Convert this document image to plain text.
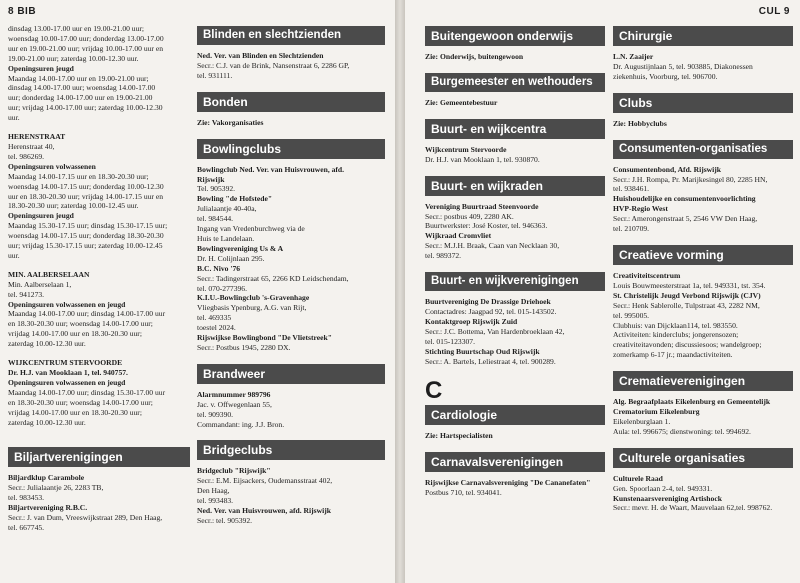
8 BIB

dinsdag 13.00-17.00 uur en 19.00-21.00 uur;

woensdag 10.00-17.00 uur; donderdag 13.00-17.00

uur en 19.00-21.00 uur; vrijdag 10.00-17.00 uur en

19.00-21.00 uur; zaterdag 10.00-12.30 uur.

Openingsuren jeugd

Maandag 14.00-17.00 uur en 19.00-21.00 uur;

dinsdag 14.00-17.00 uur; woensdag 14.00-17.00

uur; donderdag 14.00-17.00 uur en 19.00-21.00

uur; vrijdag 14.00-17.00 uur; zaterdag 10.00-12.30

uur.

HERENSTRAAT

Herenstraat 40,

tel. 986269.

Openingsuren volwassenen

Maandag 14.00-17.15 uur en 18.30-20.30 uur;

woensdag 14.00-17.15 uur; donderdag 10.00-12.30

uur en 18.30-20.30 uur; vrijdag 14.00-17.15 uur en

18.30-20.30 uur; zaterdag 10.00-12.45 uur.

Openingsuren jeugd

Maandag 15.30-17.15 uur; dinsdag 15.30-17.15 uur;

woensdag 14.00-17.15 uur; donderdag 18.30-20.30

uur; vrijdag 15.30-17.15 uur; zaterdag 10.00-12.45

uur.

MIN. AALBERSELAAN

Min. Aalberselaan 1,

tel. 941273.

Openingsuren volwassenen en jeugd

Maandag 14.00-17.00 uur; dinsdag 14.00-17.00 uur

en 18.30-20.30 uur; woensdag 14.00-17.00 uur;

vrijdag 14.00-17.00 uur en 18.30-20.30 uur;

zaterdag 10.00-12.30 uur.

WIJKCENTRUM STERVOORDE

Dr. H.J. van Mooklaan 1, tel. 940757.

Openingsuren volwassenen en jeugd

Maandag 14.00-17.00 uur; dinsdag 15.30-17.00 uur

en 18.30-20.30 uur; woensdag 14.00-17.00 uur;

vrijdag 14.00-17.00 uur en 18.30-20.30 uur;

zaterdag 10.00-12.30 uur.

Biljartverenigingen

Biljardklup Carambole

Secr.: Julialaantje 26, 2283 TB,

tel. 983453.

Biljartvereniging R.B.C.

Secr.: J. van Dum, Vreeswijkstraat 289, Den Haag,

tel. 667745.

Blinden en slechtzienden

Ned. Ver. van Blinden en Slechtzienden

Secr.: C.J. van de Brink, Nansenstraat 6, 2286 GP,

tel. 931111.

Bonden

Zie: Vakorganisaties

Bowlingclubs

Bowlingclub Ned. Ver. van Huisvrouwen, afd.

Rijswijk

Tel. 905392.

Bowling "de Hofstede"

Julialaantje 40-40a,

tel. 984544.

Ingang van Vredenburchweg via de

Huis te Landelaan.

Bowlingvereniging Us & A

Dr. H. Colijnlaan 295.

B.C. Nivo '76

Secr.: Tadingerstraat 65, 2266 KD Leidschendam,

tel. 070-277396.

K.I.U.-Bowlingclub 's-Gravenhage

Vliegbasis Ypenburg, A.G. van Rijt,

tel. 469335

toestel 2024.

Rijswijkse Bowlingbond "De Vlietstreek"

Secr.: Postbus 1945, 2280 DX.

Brandweer

Alarmnummer 989796

Jac. v. Offwegenlaan 55,

tel. 909390.

Commandant: ing. J.J. Bron.

Bridgeclubs

Bridgeclub "Rijswijk"

Secr.: E.M. Eijsackers, Oudemansstraat 402,

Den Haag,

tel. 993483.

Ned. Ver. van Huisvrouwen, afd. Rijswijk

Secr.: tel. 905392.

CUL 9
Buitengewoon onderwijs

Zie: Onderwijs, buitengewoon

Burgemeester en wethouders

Zie: Gemeentebestuur

Buurt- en wijkcentra

Wijkcentrum Stervoorde

Dr. H.J. van Mooklaan 1, tel. 930870.

Buurt- en wijkraden

Vereniging Buurtraad Steenvoorde

Secr.: postbus 409, 2280 AK.

Buurtwerkster: José Koster, tel. 946363.

Wijkraad Cromvliet

Secr.: M.J.H. Braak, Caan van Necklaan 30,

tel. 989372.

Buurt- en wijkverenigingen

Buurtvereniging De Drassige Driehoek

Contactadres: Jaagpad 92, tel. 015-143502.

Kontaktgroep Rijswijk Zuid

Secr.: J.C. Bottema, Van Hardenbroeklaan 42,

tel. 015-123307.

Stichting Buurtschap Oud Rijswijk

Secr.: A. Bartels, Leliestraat 4, tel. 900289.

C
Cardiologie

Zie: Hartspecialisten

Carnavalsverenigingen

Rijswijkse Carnavalsvereniging "De Cananefaten"

Postbus 710, tel. 934041.

Chirurgie

L.N. Zaaijer

Dr. Augustijnlaan 5, tel. 903885, Diakonessen

ziekenhuis, Voorburg, tel. 906700.

Clubs

Zie: Hobbyclubs

Consumenten-organisaties

Consumentenbond, Afd. Rijswijk

Secr.: J.H. Rompa, Pr. Marijkesingel 80, 2285 HN,

tel. 938461.

Huishoudelijke en consumentenvoorlichting

HVP-Regio West

Secr.: Amerongenstraat 5, 2546 VW Den Haag,

tel. 210709.

Creatieve vorming

Creativiteitscentrum

Louis Bouwmeesterstraat 1a, tel. 949331, tst. 354.

St. Christelijk Jeugd Verbond Rijswijk (CJV)

Secr.: Henk Sablerolle, Tulpstraat 43, 2282 NM,

tel. 995005.

Clubhuis: van Dijcklaan114, tel. 983550.

Activiteiten: kinderclubs; jongerensozen;

creativiteitavonden; discussiesoos; wandelgroep;

zomerkamp 6-17 jr.; maandactiviteiten.

Crematieverenigingen

Alg. Begraafplaats Eikelenburg en Gemeentelijk

Crematorium Eikelenburg

Eikelenburglaan 1.

Aula: tel. 996675; dienstwoning: tel. 994692.

Culturele organisaties

Culturele Raad

Gen. Spoorlaan 2-4, tel. 949331.

Kunstenaarsvereniging Artishock

Secr.: mevr. H. de Waart, Mauvelaan 62,tel. 998762.
